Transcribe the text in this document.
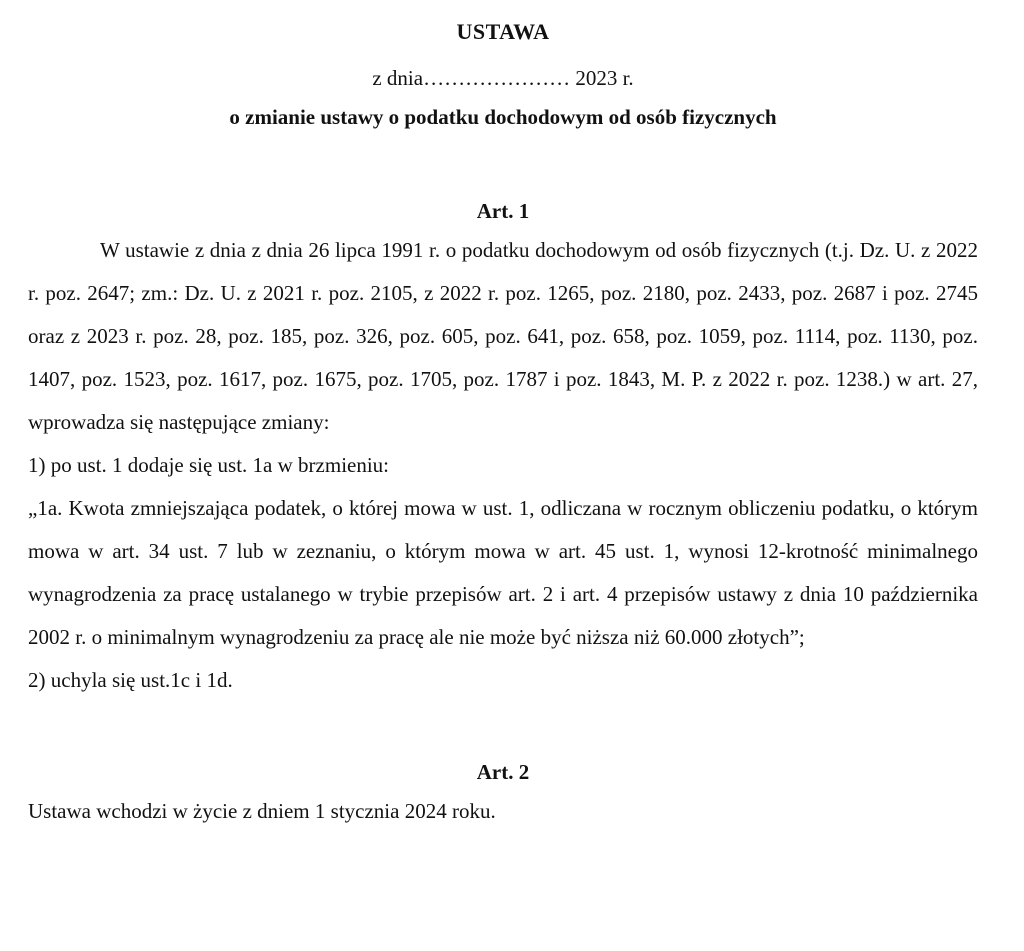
USTAWA
z dnia………………… 2023 r.
o zmianie ustawy o podatku dochodowym od osób fizycznych
Art. 1

W ustawie z dnia z dnia 26 lipca 1991 r. o podatku dochodowym od osób fizycznych (t.j. Dz. U. z 2022 r. poz. 2647; zm.: Dz. U. z 2021 r. poz. 2105, z 2022 r. poz. 1265, poz. 2180, poz. 2433, poz. 2687 i poz. 2745 oraz z 2023 r. poz. 28, poz. 185, poz. 326, poz. 605, poz. 641, poz. 658, poz. 1059, poz. 1114, poz. 1130, poz. 1407, poz. 1523, poz. 1617, poz. 1675, poz. 1705, poz. 1787 i poz. 1843, M. P. z 2022 r. poz. 1238.) w art. 27, wprowadza się następujące zmiany:

1) po ust. 1 dodaje się ust. 1a w brzmieniu:

„1a. Kwota zmniejszająca podatek, o której mowa w ust. 1, odliczana w rocznym obliczeniu podatku, o którym mowa w art. 34 ust. 7 lub w zeznaniu, o którym mowa w art. 45 ust. 1, wynosi 12-krotność minimalnego wynagrodzenia za pracę ustalanego w trybie przepisów art. 2 i art. 4 przepisów ustawy z dnia 10 października 2002 r. o minimalnym wynagrodzeniu za pracę ale nie może być niższa niż 60.000 złotych”;

2) uchyla się ust.1c i 1d.

Art. 2

Ustawa wchodzi w życie z dniem 1 stycznia 2024 roku.
